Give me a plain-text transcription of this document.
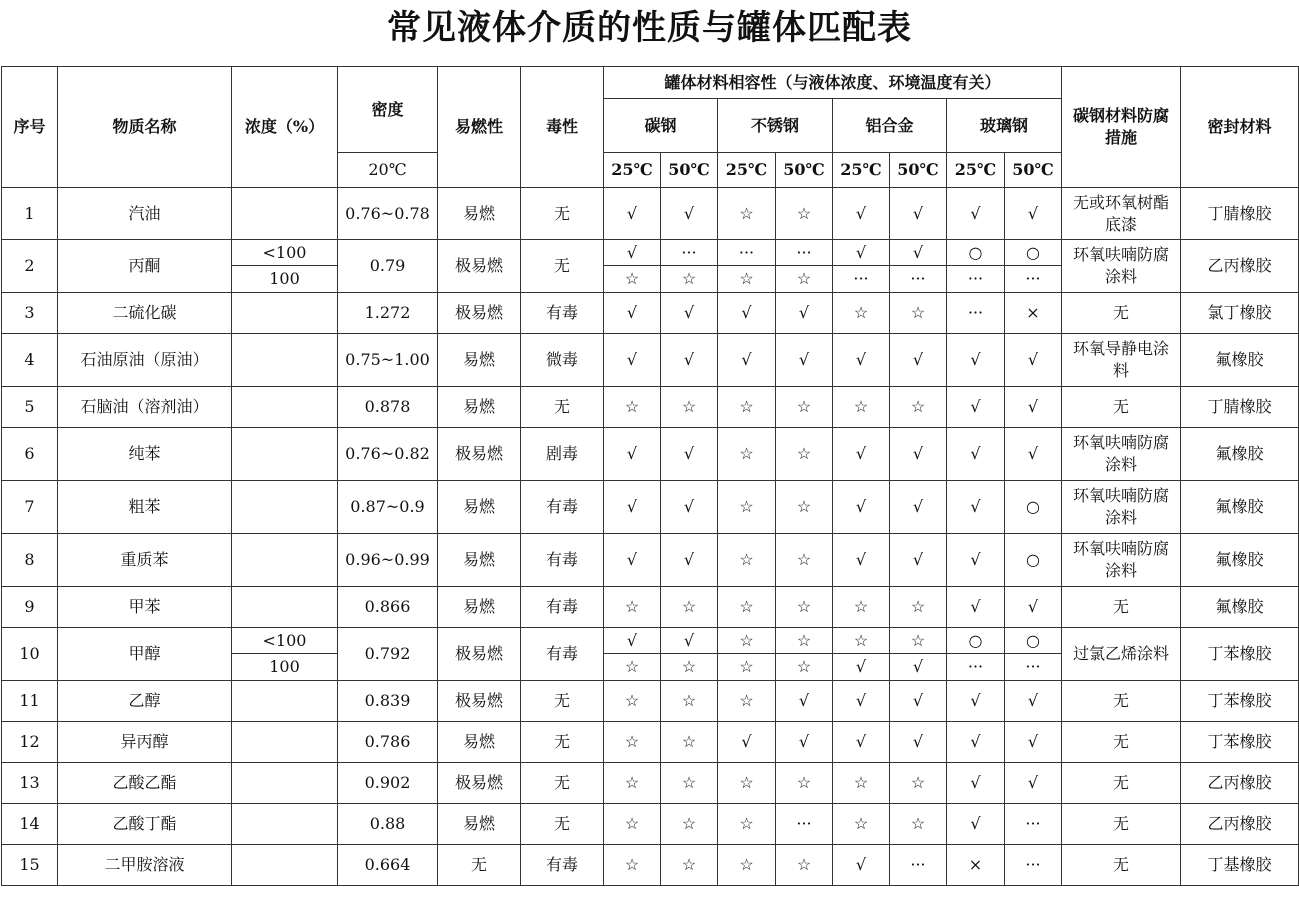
常见液体介质的性质与罐体匹配表
序号	物质名称	浓度（%）	密度	易燃性	毒性	罐体材料相容性（与液体浓度、环境温度有关）								碳钢材料防腐措施	密封材料
						碳钢		不锈钢		铝合金		玻璃钢			
			20℃			25℃	50℃	25℃	50℃	25℃	50℃	25℃	50℃		
1	汽油		0.76~0.78	易燃	无	√	√	☆	☆	√	√	√	√	无或环氧树酯底漆	丁腈橡胶
2	丙酮	<100	0.79	极易燃	无	√	···	···	···	√	√	○	○	环氧呋喃防腐涂料	乙丙橡胶
		100				☆	☆	☆	☆	···	···	···	···		
3	二硫化碳		1.272	极易燃	有毒	√	√	√	√	☆	☆	···	×	无	氯丁橡胶
4	石油原油（原油）		0.75~1.00	易燃	微毒	√	√	√	√	√	√	√	√	环氧导静电涂料	氟橡胶
5	石脑油（溶剂油）		0.878	易燃	无	☆	☆	☆	☆	☆	☆	√	√	无	丁腈橡胶
6	纯苯		0.76~0.82	极易燃	剧毒	√	√	☆	☆	√	√	√	√	环氧呋喃防腐涂料	氟橡胶
7	粗苯		0.87~0.9	易燃	有毒	√	√	☆	☆	√	√	√	○	环氧呋喃防腐涂料	氟橡胶
8	重质苯		0.96~0.99	易燃	有毒	√	√	☆	☆	√	√	√	○	环氧呋喃防腐涂料	氟橡胶
9	甲苯		0.866	易燃	有毒	☆	☆	☆	☆	☆	☆	√	√	无	氟橡胶
10	甲醇	<100	0.792	极易燃	有毒	√	√	☆	☆	☆	☆	○	○	过氯乙烯涂料	丁苯橡胶
		100				☆	☆	☆	☆	√	√	···	···		
11	乙醇		0.839	极易燃	无	☆	☆	☆	√	√	√	√	√	无	丁苯橡胶
12	异丙醇		0.786	易燃	无	☆	☆	√	√	√	√	√	√	无	丁苯橡胶
13	乙酸乙酯		0.902	极易燃	无	☆	☆	☆	☆	☆	☆	√	√	无	乙丙橡胶
14	乙酸丁酯		0.88	易燃	无	☆	☆	☆	···	☆	☆	√	···	无	乙丙橡胶
15	二甲胺溶液		0.664	无	有毒	☆	☆	☆	☆	√	···	×	···	无	丁基橡胶
